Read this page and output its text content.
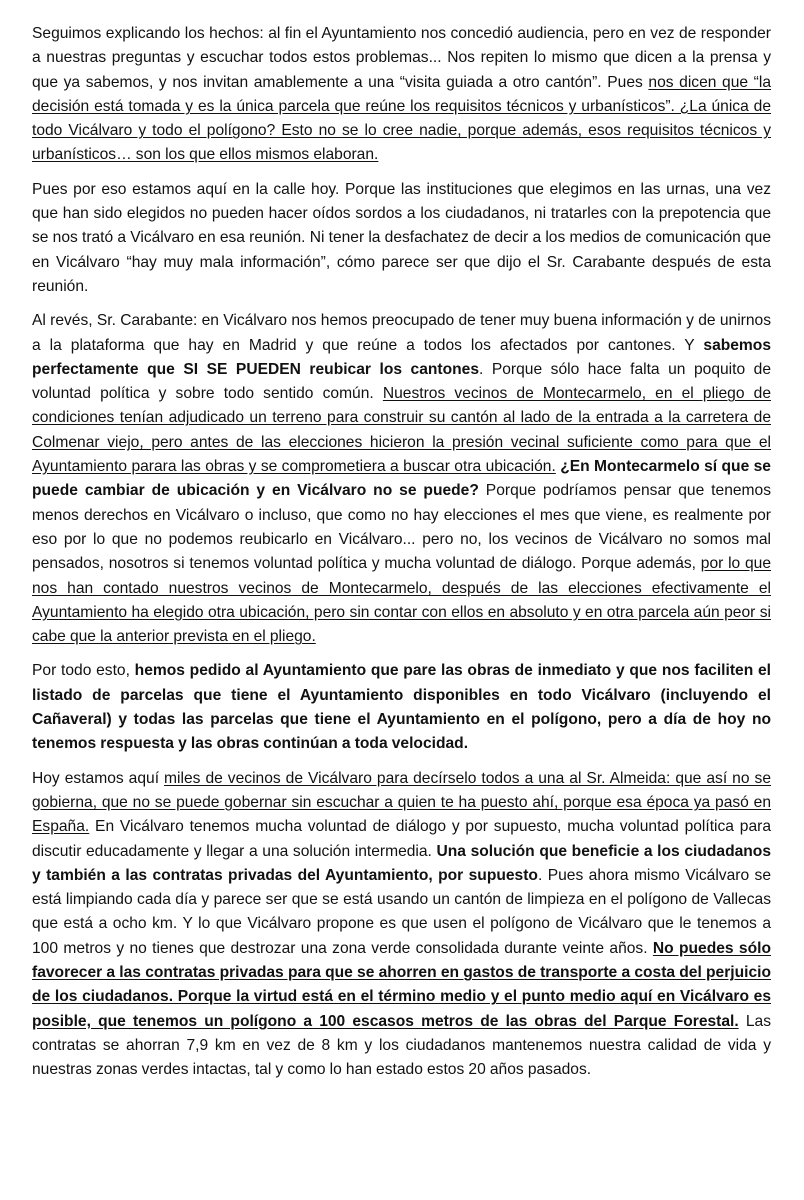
Seguimos explicando los hechos: al fin el Ayuntamiento nos concedió audiencia, pero en vez de responder a nuestras preguntas y escuchar todos estos problemas... Nos repiten lo mismo que dicen a la prensa y que ya sabemos, y nos invitan amablemente a una “visita guiada a otro cantón”. Pues nos dicen que “la decisión está tomada y es la única parcela que reúne los requisitos técnicos y urbanísticos”. ¿La única de todo Vicálvaro y todo el polígono? Esto no se lo cree nadie, porque además, esos requisitos técnicos y urbanísticos… son los que ellos mismos elaboran.

Pues por eso estamos aquí en la calle hoy. Porque las instituciones que elegimos en las urnas, una vez que han sido elegidos no pueden hacer oídos sordos a los ciudadanos, ni tratarles con la prepotencia que se nos trató a Vicálvaro en esa reunión. Ni tener la desfachatez de decir a los medios de comunicación que en Vicálvaro “hay muy mala información”, cómo parece ser que dijo el Sr. Carabante después de esta reunión.

Al revés, Sr. Carabante: en Vicálvaro nos hemos preocupado de tener muy buena información y de unirnos a la plataforma que hay en Madrid y que reúne a todos los afectados por cantones. Y sabemos perfectamente que SI SE PUEDEN reubicar los cantones. Porque sólo hace falta un poquito de voluntad política y sobre todo sentido común. Nuestros vecinos de Montecarmelo, en el pliego de condiciones tenían adjudicado un terreno para construir su cantón al lado de la entrada a la carretera de Colmenar viejo, pero antes de las elecciones hicieron la presión vecinal suficiente como para que el Ayuntamiento parara las obras y se comprometiera a buscar otra ubicación. ¿En Montecarmelo sí que se puede cambiar de ubicación y en Vicálvaro no se puede? Porque podríamos pensar que tenemos menos derechos en Vicálvaro o incluso, que como no hay elecciones el mes que viene, es realmente por eso por lo que no podemos reubicarlo en Vicálvaro... pero no, los vecinos de Vicálvaro no somos mal pensados, nosotros si tenemos voluntad política y mucha voluntad de diálogo. Porque además, por lo que nos han contado nuestros vecinos de Montecarmelo, después de las elecciones efectivamente el Ayuntamiento ha elegido otra ubicación, pero sin contar con ellos en absoluto y en otra parcela aún peor si cabe que la anterior prevista en el pliego.

Por todo esto, hemos pedido al Ayuntamiento que pare las obras de inmediato y que nos faciliten el listado de parcelas que tiene el Ayuntamiento disponibles en todo Vicálvaro (incluyendo el Cañaveral) y todas las parcelas que tiene el Ayuntamiento en el polígono, pero a día de hoy no tenemos respuesta y las obras continúan a toda velocidad.

Hoy estamos aquí miles de vecinos de Vicálvaro para decírselo todos a una al Sr. Almeida: que así no se gobierna, que no se puede gobernar sin escuchar a quien te ha puesto ahí, porque esa época ya pasó en España. En Vicálvaro tenemos mucha voluntad de diálogo y por supuesto, mucha voluntad política para discutir educadamente y llegar a una solución intermedia. Una solución que beneficie a los ciudadanos y también a las contratas privadas del Ayuntamiento, por supuesto. Pues ahora mismo Vicálvaro se está limpiando cada día y parece ser que se está usando un cantón de limpieza en el polígono de Vallecas que está a ocho km. Y lo que Vicálvaro propone es que usen el polígono de Vicálvaro que le tenemos a 100 metros y no tienes que destrozar una zona verde consolidada durante veinte años. No puedes sólo favorecer a las contratas privadas para que se ahorren en gastos de transporte a costa del perjuicio de los ciudadanos. Porque la virtud está en el término medio y el punto medio aquí en Vicálvaro es posible, que tenemos un polígono a 100 escasos metros de las obras del Parque Forestal. Las contratas se ahorran 7,9 km en vez de 8 km y los ciudadanos mantenemos nuestra calidad de vida y nuestras zonas verdes intactas, tal y como lo han estado estos 20 años pasados.
